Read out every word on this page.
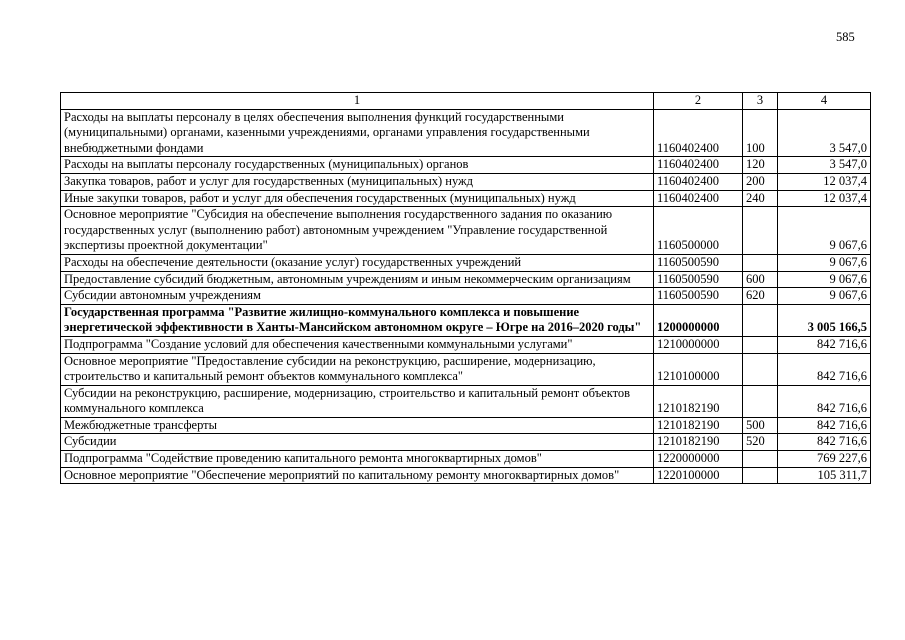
585
1	2	3	4
Расходы на выплаты персоналу в целях обеспечения выполнения функций государственными (муниципальными) органами, казенными учреждениями, органами управления государственными внебюджетными фондами	1160402400	100	3 547,0
Расходы на выплаты персоналу государственных (муниципальных) органов	1160402400	120	3 547,0
Закупка товаров, работ и услуг для государственных (муниципальных) нужд	1160402400	200	12 037,4
Иные закупки товаров, работ и услуг для обеспечения государственных (муниципальных) нужд	1160402400	240	12 037,4
Основное мероприятие "Субсидия на обеспечение выполнения государственного задания по оказанию государственных услуг (выполнению работ) автономным учреждением "Управление государственной экспертизы проектной документации"	1160500000		9 067,6
Расходы на обеспечение деятельности (оказание услуг) государственных учреждений	1160500590		9 067,6
Предоставление субсидий бюджетным, автономным учреждениям и иным некоммерческим организациям	1160500590	600	9 067,6
Субсидии автономным учреждениям	1160500590	620	9 067,6
Государственная программа "Развитие жилищно-коммунального комплекса и повышение энергетической эффективности в Ханты-Мансийском автономном округе – Югре на 2016–2020 годы"	1200000000		3 005 166,5
Подпрограмма "Создание условий для обеспечения качественными коммунальными услугами"	1210000000		842 716,6
Основное мероприятие "Предоставление субсидии на реконструкцию, расширение, модернизацию, строительство и капитальный ремонт объектов коммунального комплекса"	1210100000		842 716,6
Субсидии на реконструкцию, расширение, модернизацию, строительство и капитальный ремонт объектов коммунального комплекса	1210182190		842 716,6
Межбюджетные трансферты	1210182190	500	842 716,6
Субсидии	1210182190	520	842 716,6
Подпрограмма "Содействие проведению капитального ремонта многоквартирных домов"	1220000000		769 227,6
Основное мероприятие "Обеспечение мероприятий по капитальному ремонту многоквартирных домов"	1220100000		105 311,7
